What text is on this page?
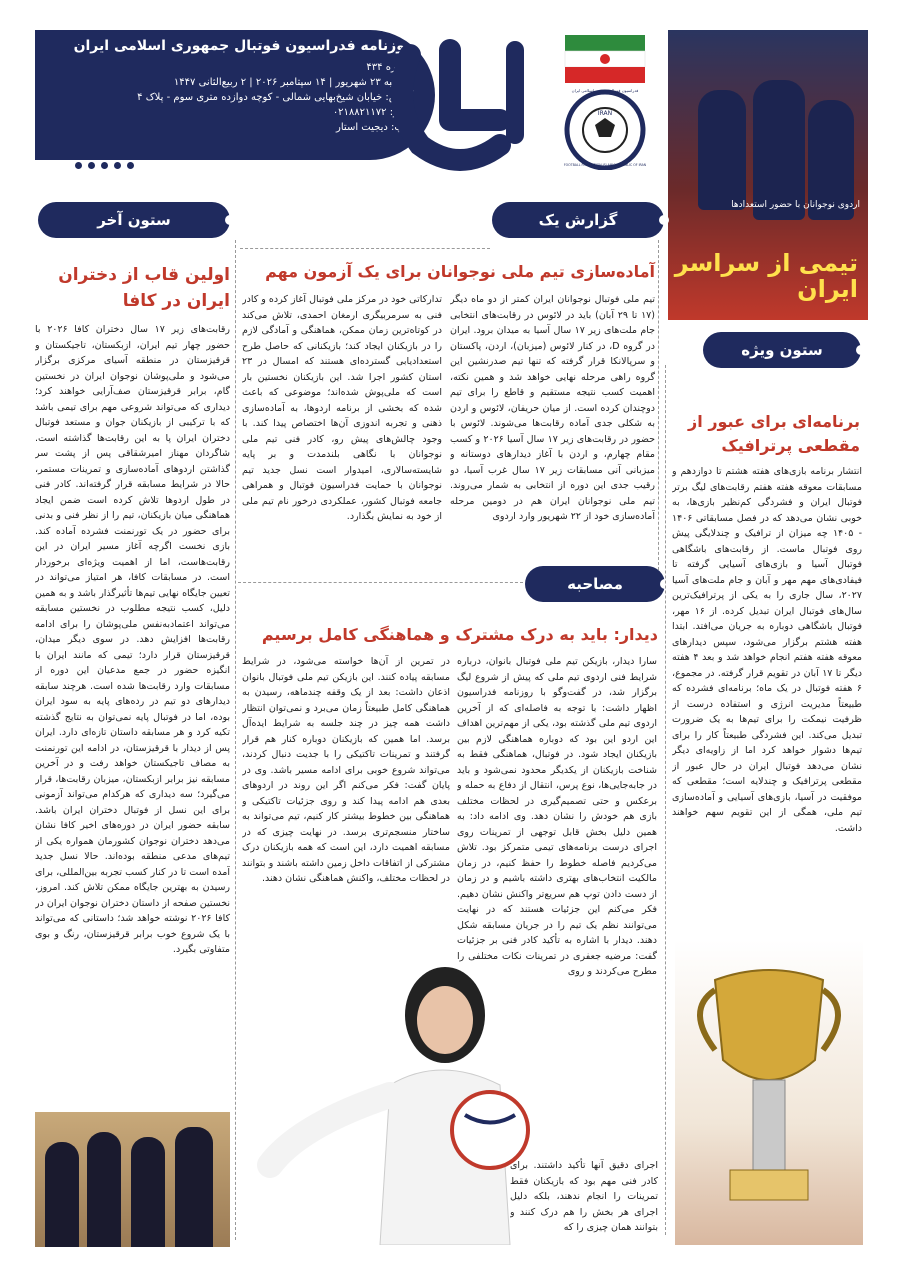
روزنامه فدراسیون فوتبال جمهوری اسلامی ایران
شماره ۴۳۴
دوشنبه ۲۳ شهریور | ۱۴ سپتامبر ۲۰۲۶ | ۲ ربیع‌الثانی ۱۴۴۷
آدرس: خیابان شیخ‌بهایی شمالی - کوچه دوازده متری سوم - پلاک ۴
نمابر: ۰۲۱۸۸۲۱۱۷۲
چاپ: دیجیت استار
IRAN
فدراسیون فوتبال جمهوری اسلامی ایران
FOOTBALL FEDERATION ISLAMIC REPUBLIC OF IRAN
اردوی نوجوانان با حضور استعدادها
تیمی از سراسر ایران
گزارش یک
ستون آخر
ستون ویژه
مصاحبه
آماده‌سازی تیم ملی نوجوانان برای یک آزمون مهم
تیم ملی فوتبال نوجوانان ایران کمتر از دو ماه دیگر (۱۷ تا ۲۹ آبان) باید در لائوس در رقابت‌های انتخابی جام ملت‌های زیر ۱۷ سال آسیا به میدان برود. ایران در گروه D، در کنار لائوس (میزبان)، اردن، پاکستان و سرپالانکا قرار گرفته که تنها تیم صدرنشین این گروه راهی مرحله نهایی خواهد شد و همین نکته، اهمیت کسب نتیجه مستقیم و قاطع را برای تیم دوچندان کرده است. از میان حریفان، لائوس و اردن به شکلی جدی آماده رقابت‌ها می‌شوند. لائوس با حضور در رقابت‌های زیر ۱۷ سال آسیا ۲۰۲۶ و کسب مقام چهارم، و اردن با آغاز دیدارهای دوستانه و میزبانی آنی مسابقات زیر ۱۷ سال غرب آسیا، دو رقیب جدی این دوره از انتخابی به شمار می‌روند. تیم ملی نوجوانان ایران هم در دومین مرحله آماده‌سازی خود از ۲۲ شهریور وارد اردوی
تدارکاتی خود در مرکز ملی فوتبال آغاز کرده و کادر فنی به سرمربیگری ارمغان احمدی، تلاش می‌کند در کوتاه‌ترین زمان ممکن، هماهنگی و آمادگی لازم را در بازیکنان ایجاد کند؛ بازیکنانی که حاصل طرح استعدادیابی گسترده‌ای هستند که امسال در ۲۳ استان کشور اجرا شد. این بازیکنان نخستین بار است که ملی‌پوش شده‌اند؛ موضوعی که باعث شده که بخشی از برنامه اردوها، به آماده‌سازی ذهنی و تجربه اندوزی آن‌ها اختصاص پیدا کند. با وجود چالش‌های پیش رو، کادر فنی تیم ملی نوجوانان با نگاهی بلندمدت و بر پایه شایسته‌سالاری، امیدوار است نسل جدید تیم نوجوانان با حمایت فدراسیون فوتبال و همراهی جامعه فوتبال کشور، عملکردی درخور نام تیم ملی از خود به نمایش بگذارد.
اولین قاب از دختران ایران در کافا
رقابت‌های زیر ۱۷ سال دختران کافا ۲۰۲۶ با حضور چهار تیم ایران، ازبکستان، تاجیکستان و قرقیزستان در منطقه آسیای مرکزی برگزار می‌شود و ملی‌پوشان نوجوان ایران در نخستین گام، برابر قرقیزستان صف‌آرایی خواهند کرد؛ دیداری که می‌تواند شروعی مهم برای تیمی باشد که با ترکیبی از بازیکنان جوان و مستعد فوتبال دختران ایران پا به این رقابت‌ها گذاشته است. شاگردان مهناز امیرشقاقی پس از پشت سر گذاشتن اردوهای آماده‌سازی و تمرینات مستمر، حالا در شرایط مسابقه قرار گرفته‌اند. کادر فنی در طول اردوها تلاش کرده است ضمن ایجاد هماهنگی میان بازیکنان، تیم را از نظر فنی و بدنی برای حضور در یک تورنمنت فشرده آماده کند. بازی نخست اگرچه آغاز مسیر ایران در این رقابت‌هاست، اما از اهمیت ویژه‌ای برخوردار است. در مسابقات کافا، هر امتیاز می‌تواند در تعیین جایگاه نهایی تیم‌ها تأثیرگذار باشد و به همین دلیل، کسب نتیجه مطلوب در نخستین مسابقه می‌تواند اعتماد‌به‌نفس ملی‌پوشان را برای ادامه رقابت‌ها افزایش دهد. در سوی دیگر میدان، قرقیزستان قرار دارد؛ تیمی که مانند ایران با انگیزه حضور در جمع مدعیان این دوره از مسابقات وارد رقابت‌ها شده است. هرچند سابقه دیدارهای دو تیم در رده‌های پایه به سود ایران بوده، اما در فوتبال پایه نمی‌توان به نتایج گذشته تکیه کرد و هر مسابقه داستان تازه‌ای دارد. ایران پس از دیدار با قرقیزستان، در ادامه این تورنمنت به مصاف تاجیکستان خواهد رفت و در آخرین مسابقه نیز برابر ازبکستان، میزبان رقابت‌ها، قرار می‌گیرد؛ سه دیداری که هرکدام می‌تواند آزمونی برای این نسل از فوتبال دختران ایران باشد. سابقه حضور ایران در دوره‌های اخیر کافا نشان می‌دهد دختران نوجوان کشورمان همواره یکی از تیم‌های مدعی منطقه بوده‌اند. حالا نسل جدید آمده است تا در کنار کسب تجربه بین‌المللی، برای رسیدن به بهترین جایگاه ممکن تلاش کند. امروز، نخستین صفحه از داستان دختران نوجوان ایران در کافا ۲۰۲۶ نوشته خواهد شد؛ داستانی که می‌تواند با یک شروع خوب برابر قرقیزستان، رنگ و بوی متفاوتی بگیرد.
برنامه‌ای برای عبور از مقطعی پرترافیک
انتشار برنامه بازی‌های هفته هشتم تا دوازدهم و مسابقات معوقه هفته هفتم رقابت‌های لیگ برتر فوتبال ایران و فشردگی کم‌نظیر بازی‌ها، به خوبی نشان می‌دهد که در فصل مسابقاتی ۱۴۰۶ - ۱۴۰۵ چه میزان از ترافیک و چندلایگی پیش روی فوتبال ماست. از رقابت‌های باشگاهی فوتبال آسیا و بازی‌های آسیایی گرفته تا فیفادی‌های مهم مهر و آبان و جام ملت‌های آسیا ۲۰۲۷، سال جاری را به یکی از پرترافیک‌ترین سال‌های فوتبال ایران تبدیل کرده. از ۱۶ مهر، فوتبال باشگاهی دوباره به جریان می‌افتد. ابتدا هفته هشتم برگزار می‌شود، سپس دیدارهای معوقه هفته هفتم انجام خواهد شد و بعد ۴ هفته دیگر تا ۱۷ آبان در تقویم قرار گرفته. در مجموع، ۶ هفته فوتبال در یک ماه؛ برنامه‌ای فشرده که طبیعتاً مدیریت انرژی و استفاده درست از ظرفیت نیمکت را برای تیم‌ها به یک ضرورت تبدیل می‌کند. این فشردگی طبیعتاً کار را برای تیم‌ها دشوار خواهد کرد اما از زاویه‌ای دیگر نشان می‌دهد فوتبال ایران در حال عبور از مقطعی پرترافیک و چندلایه است؛ مقطعی که موفقیت در آسیا، بازی‌های آسیایی و آماده‌سازی تیم ملی، همگی از این تقویم سهم خواهند داشت.
دیدار: باید به درک مشترک و هماهنگی کامل برسیم
سارا دیدار، بازیکن تیم ملی فوتبال بانوان، درباره شرایط فنی اردوی تیم ملی که پیش از شروع لیگ برگزار شد، در گفت‌وگو با روزنامه فدراسیون اظهار داشت: با توجه به فاصله‌ای که از آخرین اردوی تیم ملی گذشته بود، یکی از مهم‌ترین اهداف این اردو این بود که دوباره هماهنگی لازم بین بازیکنان ایجاد شود. در فوتبال، هماهنگی فقط به شناخت بازیکنان از یکدیگر محدود نمی‌شود و باید در جابه‌جایی‌ها، نوع پرس، انتقال از دفاع به حمله و برعکس و حتی تصمیم‌گیری در لحظات مختلف بازی هم خودش را نشان دهد. وی ادامه داد: به همین دلیل بخش قابل توجهی از تمرینات روی اجرای درست برنامه‌های تیمی متمرکز بود. تلاش می‌کردیم فاصله خطوط را حفظ کنیم، در زمان مالکیت انتخاب‌های بهتری داشته باشیم و در زمان از دست دادن توپ هم سریع‌تر واکنش نشان دهیم. فکر می‌کنم این جزئیات هستند که در نهایت می‌توانند نظم یک تیم را در جریان مسابقه شکل دهند. دیدار با اشاره به تأکید کادر فنی بر جزئیات گفت: مرضیه جعفری در تمرینات نکات مختلفی را مطرح می‌کردند و روی
در تمرین از آن‌ها خواسته می‌شود، در شرایط مسابقه پیاده کنند. این بازیکن تیم ملی فوتبال بانوان اذعان داشت: بعد از یک وقفه چندماهه، رسیدن به هماهنگی کامل طبیعتاً زمان می‌برد و نمی‌توان انتظار داشت همه چیز در چند جلسه به شرایط ایده‌آل برسد. اما همین که بازیکنان دوباره کنار هم قرار گرفتند و تمرینات تاکتیکی را با جدیت دنبال کردند، می‌تواند شروع خوبی برای ادامه مسیر باشد. وی در پایان گفت: فکر می‌کنم اگر این روند در اردوهای بعدی هم ادامه پیدا کند و روی جزئیات تاکتیکی و هماهنگی بین خطوط بیشتر کار کنیم، تیم می‌تواند به ساختار منسجم‌تری برسد. در نهایت چیزی که در مسابقه اهمیت دارد، این است که همه بازیکنان درک مشترکی از اتفاقات داخل زمین داشته باشند و بتوانند در لحظات مختلف، واکنش هماهنگی نشان دهند.
اجرای دقیق آنها تأکید داشتند. برای کادر فنی مهم بود که بازیکنان فقط تمرینات را انجام ندهند، بلکه دلیل اجرای هر بخش را هم درک کنند و بتوانند همان چیزی را که
